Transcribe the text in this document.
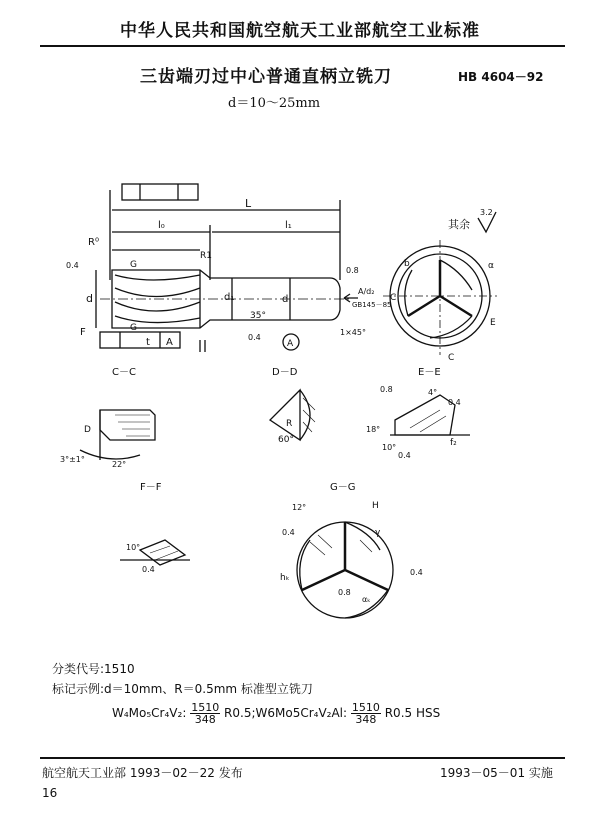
中华人民共和国航空航天工业部航空工业标准
三齿端刃过中心普通直柄立铣刀	HB 4604－92
d＝10～25mm
L
l₀	l₁
R⁰
R1
d	d₁	d
G
G
F
t A	A
0.4
0.4
0.8
35°
1×45°
A/d₂
GB145－85
其余
3.2
b	α
C
E
C
C－C	D－D	E－E
F－F	G－G
D
3°±1°
22°
R
60°
18°
10°
4°
f₂
0.8
0.4
0.4
10°
0.4
12°	H
hₖ
γ
0.4
0.4
0.8
αₖ
分类代号:1510
标记示例:d＝10mm、R＝0.5mm 标准型立铣刀
W₄Mo₅Cr₄V₂: $\frac{1510}{348}$ R0.5;W6Mo5Cr₄V₂Al: $\frac{1510}{348} R0.5$ HSS
航空航天工业部 1993－02－22 发布	1993－05－01 实施
16
